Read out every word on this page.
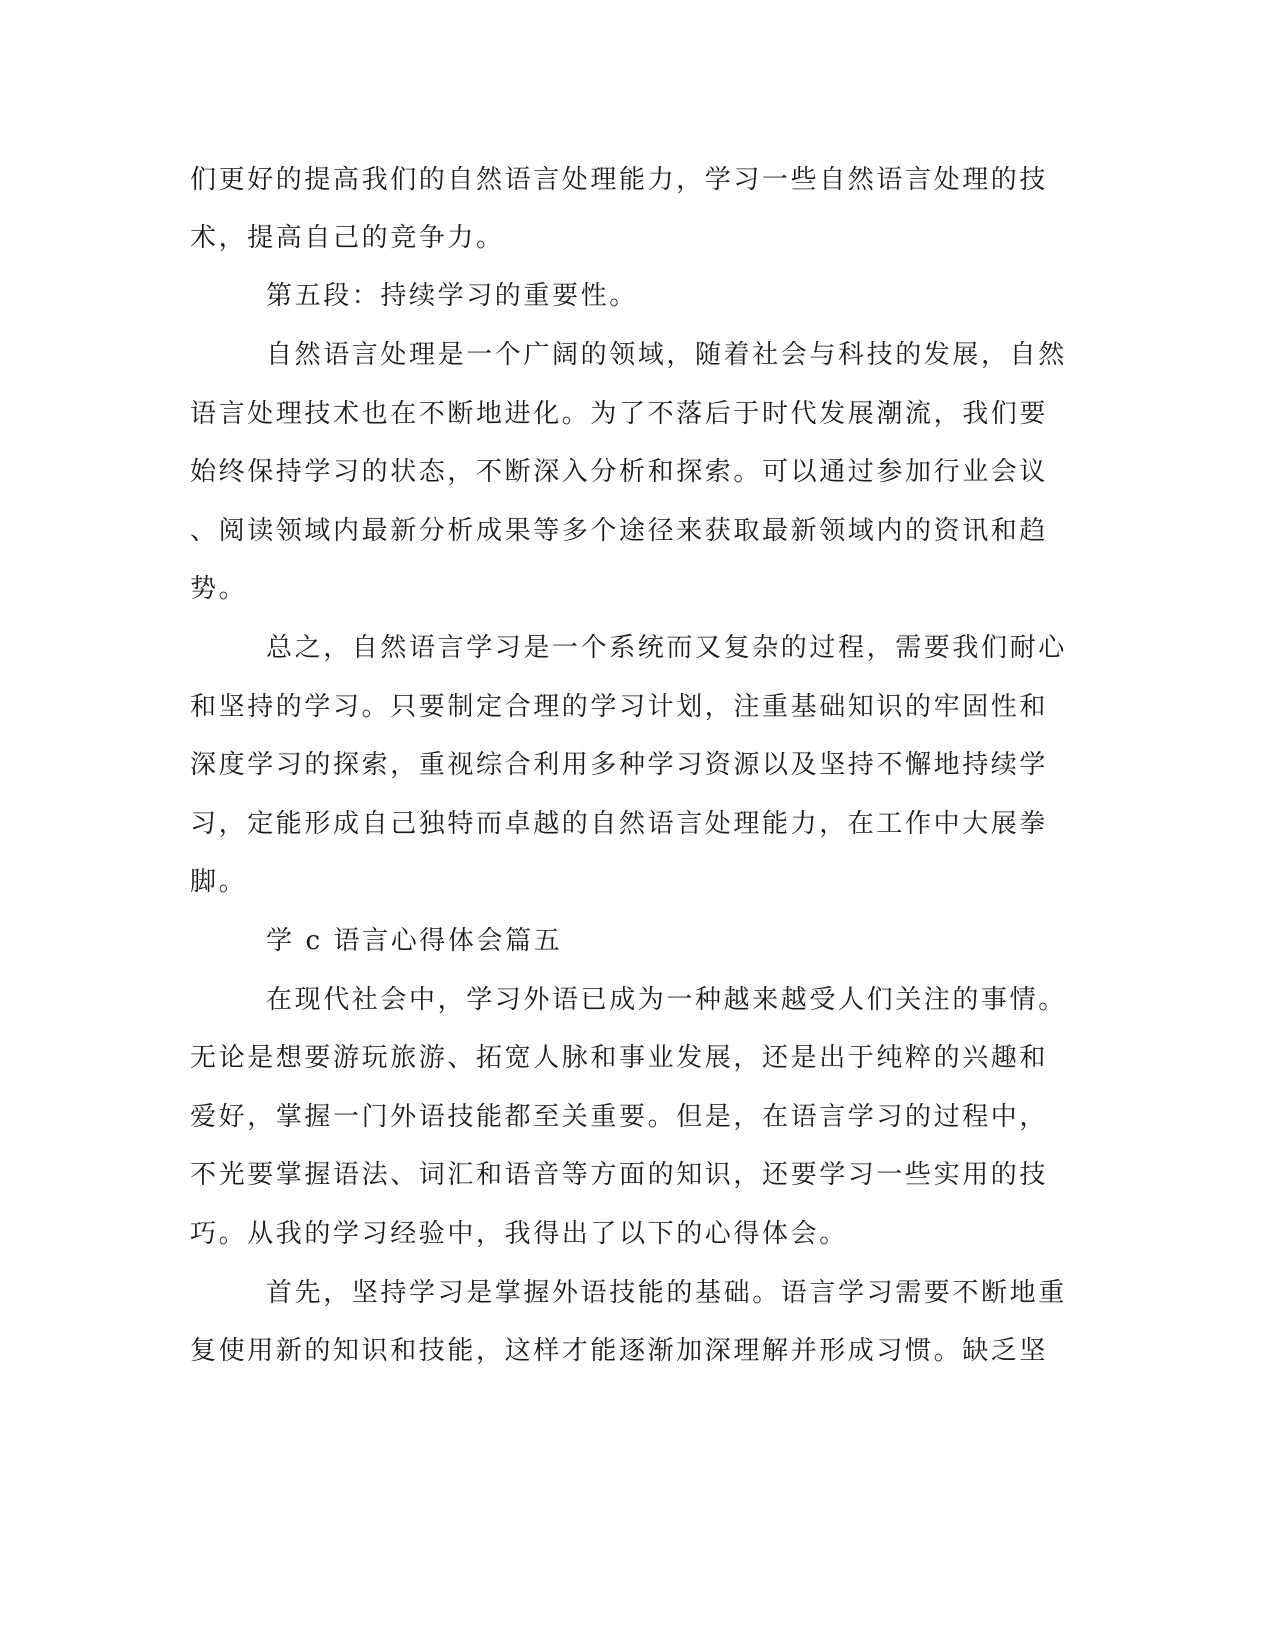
们更好的提高我们的自然语言处理能力，学习一些自然语言处理的技
术，提高自己的竞争力。
第五段：持续学习的重要性。
自然语言处理是一个广阔的领域，随着社会与科技的发展，自然
语言处理技术也在不断地进化。为了不落后于时代发展潮流，我们要
始终保持学习的状态，不断深入分析和探索。可以通过参加行业会议
、阅读领域内最新分析成果等多个途径来获取最新领域内的资讯和趋
势。
总之，自然语言学习是一个系统而又复杂的过程，需要我们耐心
和坚持的学习。只要制定合理的学习计划，注重基础知识的牢固性和
深度学习的探索，重视综合利用多种学习资源以及坚持不懈地持续学
习，定能形成自己独特而卓越的自然语言处理能力，在工作中大展拳
脚。
学 c 语言心得体会篇五
在现代社会中，学习外语已成为一种越来越受人们关注的事情。
无论是想要游玩旅游、拓宽人脉和事业发展，还是出于纯粹的兴趣和
爱好，掌握一门外语技能都至关重要。但是，在语言学习的过程中，
不光要掌握语法、词汇和语音等方面的知识，还要学习一些实用的技
巧。从我的学习经验中，我得出了以下的心得体会。
首先，坚持学习是掌握外语技能的基础。语言学习需要不断地重
复使用新的知识和技能，这样才能逐渐加深理解并形成习惯。缺乏坚
